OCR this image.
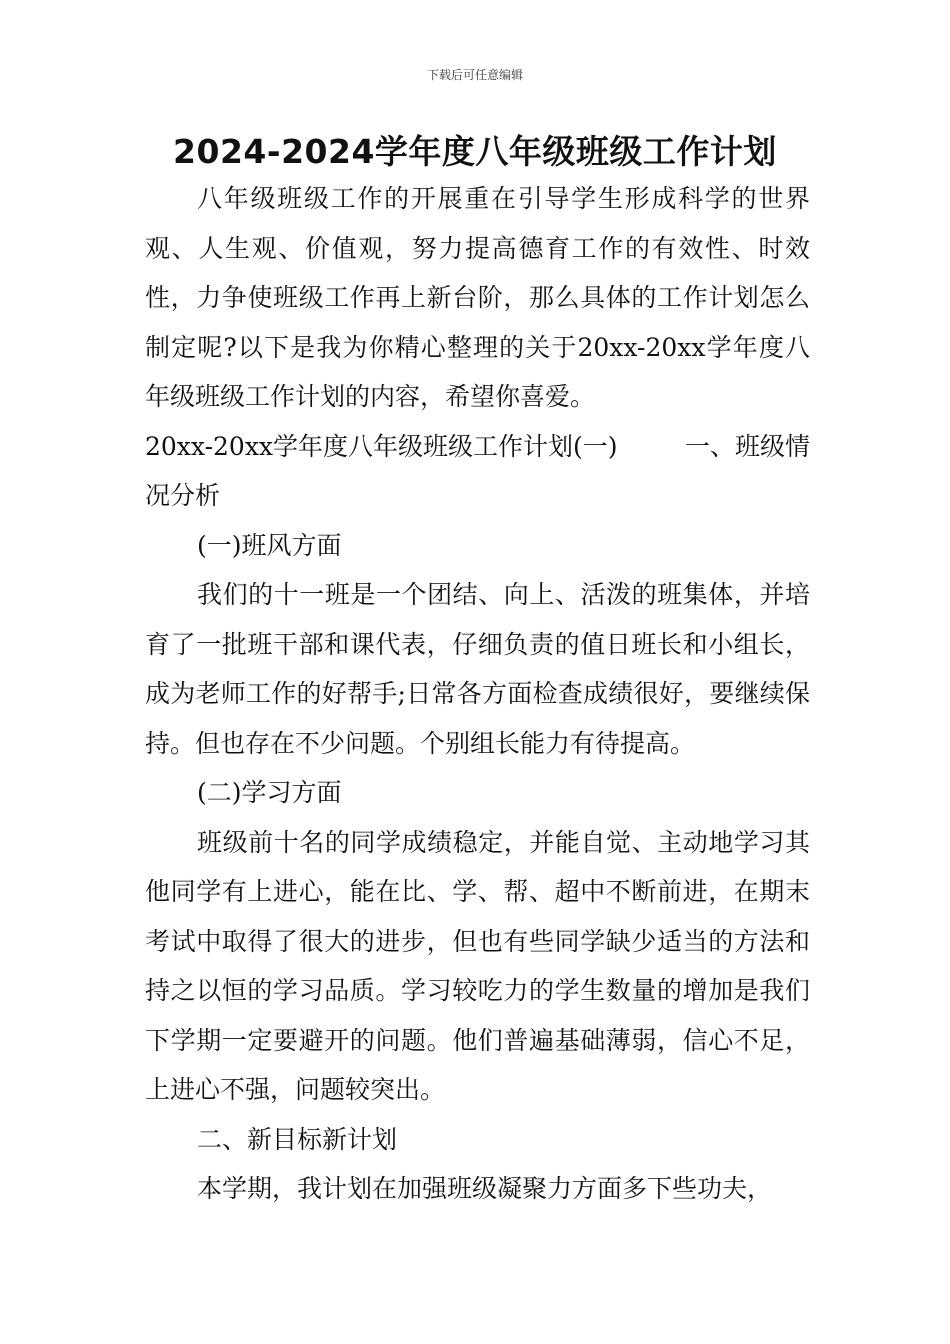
下载后可任意编辑
2024-2024学年度八年级班级工作计划

八年级班级工作的开展重在引导学生形成科学的世界观、人生观、价值观，努力提高德育工作的有效性、时效性，力争使班级工作再上新台阶，那么具体的工作计划怎么制定呢?以下是我为你精心整理的关于20xx-20xx学年度八年级班级工作计划的内容，希望你喜爱。

20xx-20xx学年度八年级班级工作计划(一)	一、班级情

况分析

(一)班风方面

我们的十一班是一个团结、向上、活泼的班集体，并培育了一批班干部和课代表，仔细负责的值日班长和小组长，成为老师工作的好帮手;日常各方面检查成绩很好，要继续保持。但也存在不少问题。个别组长能力有待提高。

(二)学习方面

班级前十名的同学成绩稳定，并能自觉、主动地学习其他同学有上进心，能在比、学、帮、超中不断前进，在期末考试中取得了很大的进步，但也有些同学缺少适当的方法和持之以恒的学习品质。学习较吃力的学生数量的增加是我们下学期一定要避开的问题。他们普遍基础薄弱，信心不足，上进心不强，问题较突出。

二、新目标新计划

本学期，我计划在加强班级凝聚力方面多下些功夫，
